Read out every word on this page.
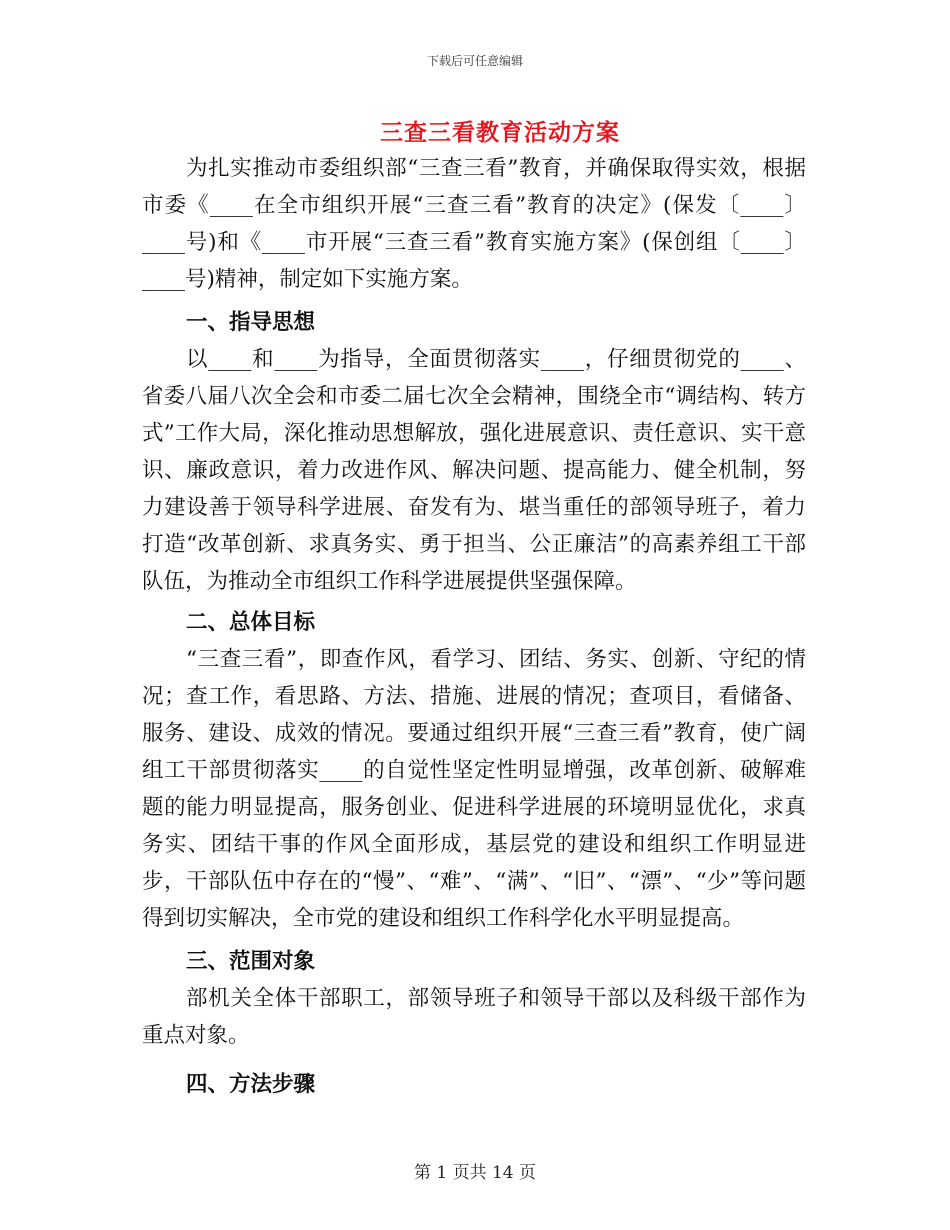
下载后可任意编辑
三查三看教育活动方案

为扎实推动市委组织部“三查三看”教育，并确保取得实效，根据市委《____在全市组织开展“三查三看”教育的决定》(保发〔____〕____号)和《____市开展“三查三看”教育实施方案》(保创组〔____〕____号)精神，制定如下实施方案。

一、指导思想

以____和____为指导，全面贯彻落实____，仔细贯彻党的____、省委八届八次全会和市委二届七次全会精神，围绕全市“调结构、转方式”工作大局，深化推动思想解放，强化进展意识、责任意识、实干意识、廉政意识，着力改进作风、解决问题、提高能力、健全机制，努力建设善于领导科学进展、奋发有为、堪当重任的部领导班子，着力打造“改革创新、求真务实、勇于担当、公正廉洁”的高素养组工干部队伍，为推动全市组织工作科学进展提供坚强保障。

二、总体目标

“三查三看”，即查作风，看学习、团结、务实、创新、守纪的情况；查工作，看思路、方法、措施、进展的情况；查项目，看储备、服务、建设、成效的情况。要通过组织开展“三查三看”教育，使广阔组工干部贯彻落实____的自觉性坚定性明显增强，改革创新、破解难题的能力明显提高，服务创业、促进科学进展的环境明显优化，求真务实、团结干事的作风全面形成，基层党的建设和组织工作明显进步，干部队伍中存在的“慢”、“难”、“满”、“旧”、“漂”、“少”等问题得到切实解决，全市党的建设和组织工作科学化水平明显提高。

三、范围对象

部机关全体干部职工，部领导班子和领导干部以及科级干部作为重点对象。

四、方法步骤

第 1 页共 14 页
